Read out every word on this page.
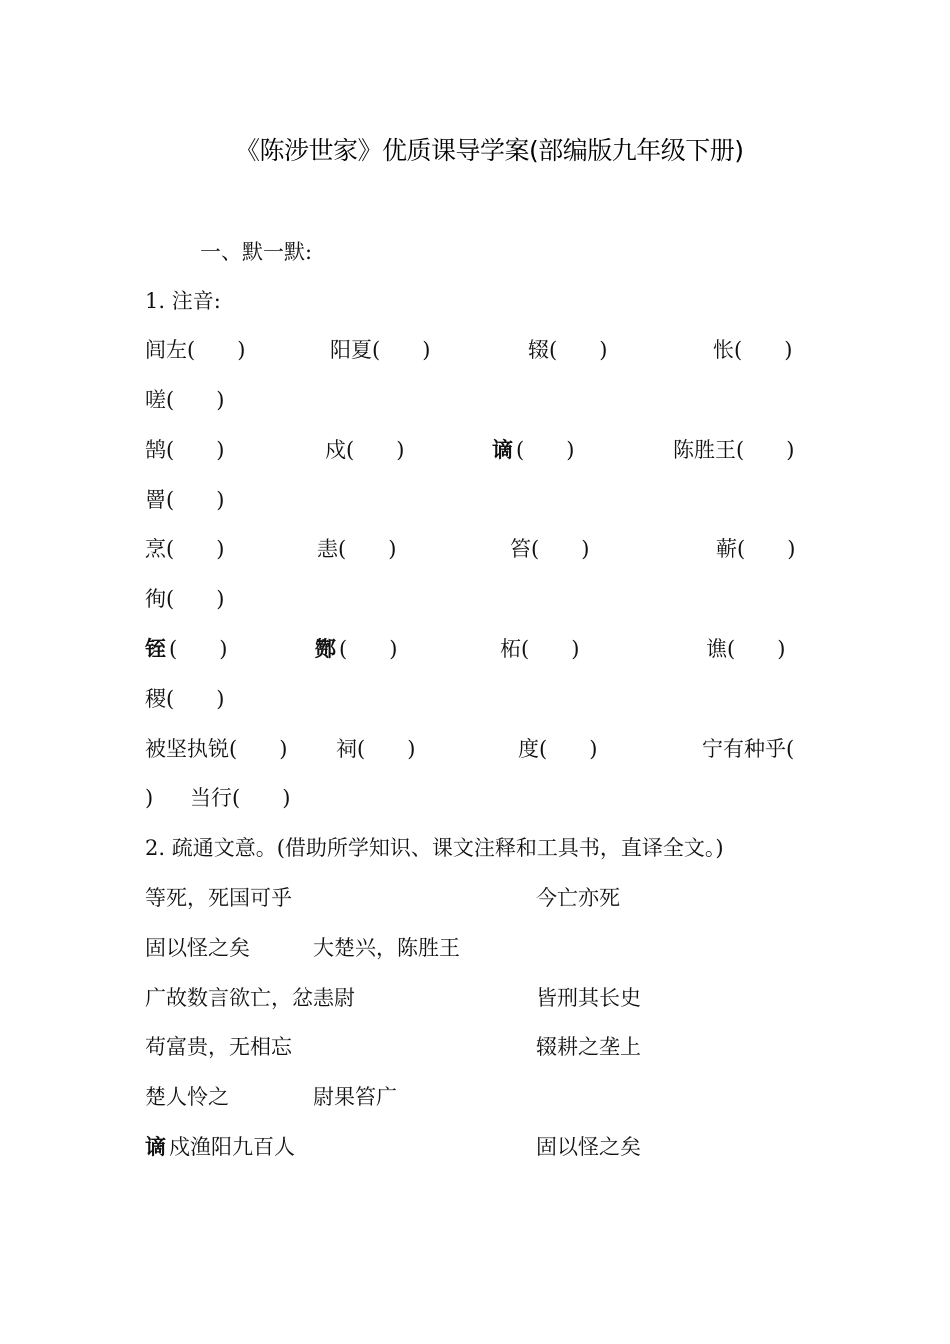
《陈涉世家》优质课导学案(部编版九年级下册)
一、默一默:
1. 注音:
闾左(　　)	阳夏(　　)	辍(　　)	怅(　　)
嗟(　　)
鹄(　　)	戍(　　)	谪 (　　)	陈胜王(　　)
罾(　　)
烹(　　)	恚(　　)	笞(　　)	蕲(　　)
徇(　　)
铚 (　　)	酂 (　　)	柘(　　)	谯(　　)
稷(　　)
被坚执锐(　　) 祠(　　)	度(　　)	宁有种乎(
) 当行(　　)
2. 疏通文意。(借助所学知识、课文注释和工具书，直译全文。)
等死，死国可乎	今亡亦死
固以怪之矣	大楚兴，陈胜王
广故数言欲亡，忿恚尉	皆刑其长史
苟富贵，无相忘	辍耕之垄上
楚人怜之	尉果笞广
谪 戍渔阳九百人	固以怪之矣
